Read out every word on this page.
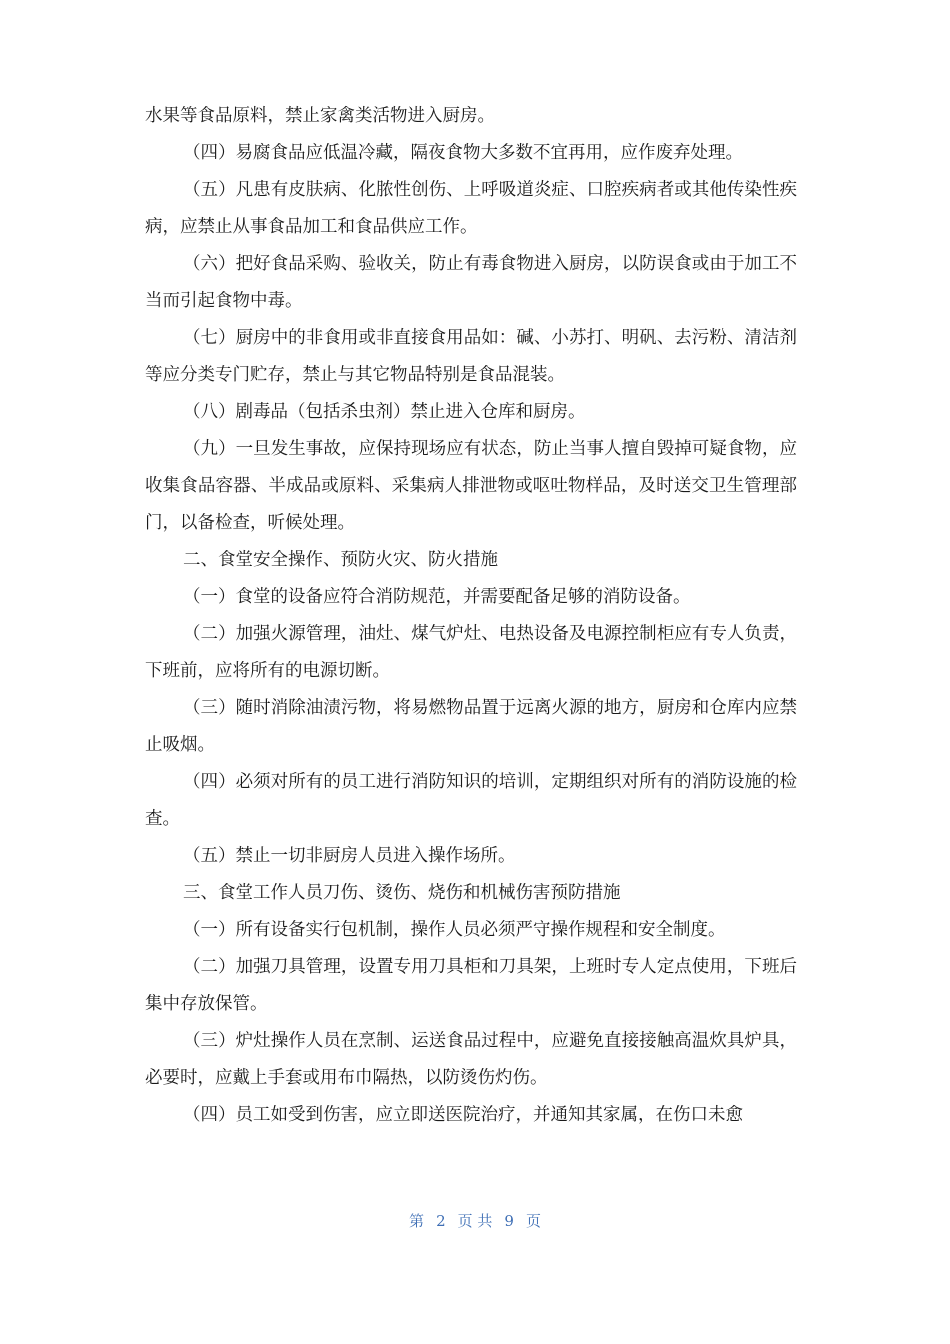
水果等食品原料，禁止家禽类活物进入厨房。

（四）易腐食品应低温冷藏，隔夜食物大多数不宜再用，应作废弃处理。

（五）凡患有皮肤病、化脓性创伤、上呼吸道炎症、口腔疾病者或其他传染性疾病，应禁止从事食品加工和食品供应工作。

（六）把好食品采购、验收关，防止有毒食物进入厨房，以防误食或由于加工不当而引起食物中毒。

（七）厨房中的非食用或非直接食用品如：碱、小苏打、明矾、去污粉、清洁剂等应分类专门贮存，禁止与其它物品特别是食品混装。

（八）剧毒品（包括杀虫剂）禁止进入仓库和厨房。

（九）一旦发生事故，应保持现场应有状态，防止当事人擅自毁掉可疑食物，应收集食品容器、半成品或原料、采集病人排泄物或呕吐物样品，及时送交卫生管理部门，以备检查，听候处理。

二、食堂安全操作、预防火灾、防火措施

（一）食堂的设备应符合消防规范，并需要配备足够的消防设备。

（二）加强火源管理，油灶、煤气炉灶、电热设备及电源控制柜应有专人负责，下班前，应将所有的电源切断。

（三）随时消除油渍污物，将易燃物品置于远离火源的地方，厨房和仓库内应禁止吸烟。

（四）必须对所有的员工进行消防知识的培训，定期组织对所有的消防设施的检查。

（五）禁止一切非厨房人员进入操作场所。

三、食堂工作人员刀伤、烫伤、烧伤和机械伤害预防措施

（一）所有设备实行包机制，操作人员必须严守操作规程和安全制度。

（二）加强刀具管理，设置专用刀具柜和刀具架，上班时专人定点使用，下班后集中存放保管。

（三）炉灶操作人员在烹制、运送食品过程中，应避免直接接触高温炊具炉具，必要时，应戴上手套或用布巾隔热，以防烫伤灼伤。

（四）员工如受到伤害，应立即送医院治疗，并通知其家属，在伤口未愈

第 2 页 共 9 页
